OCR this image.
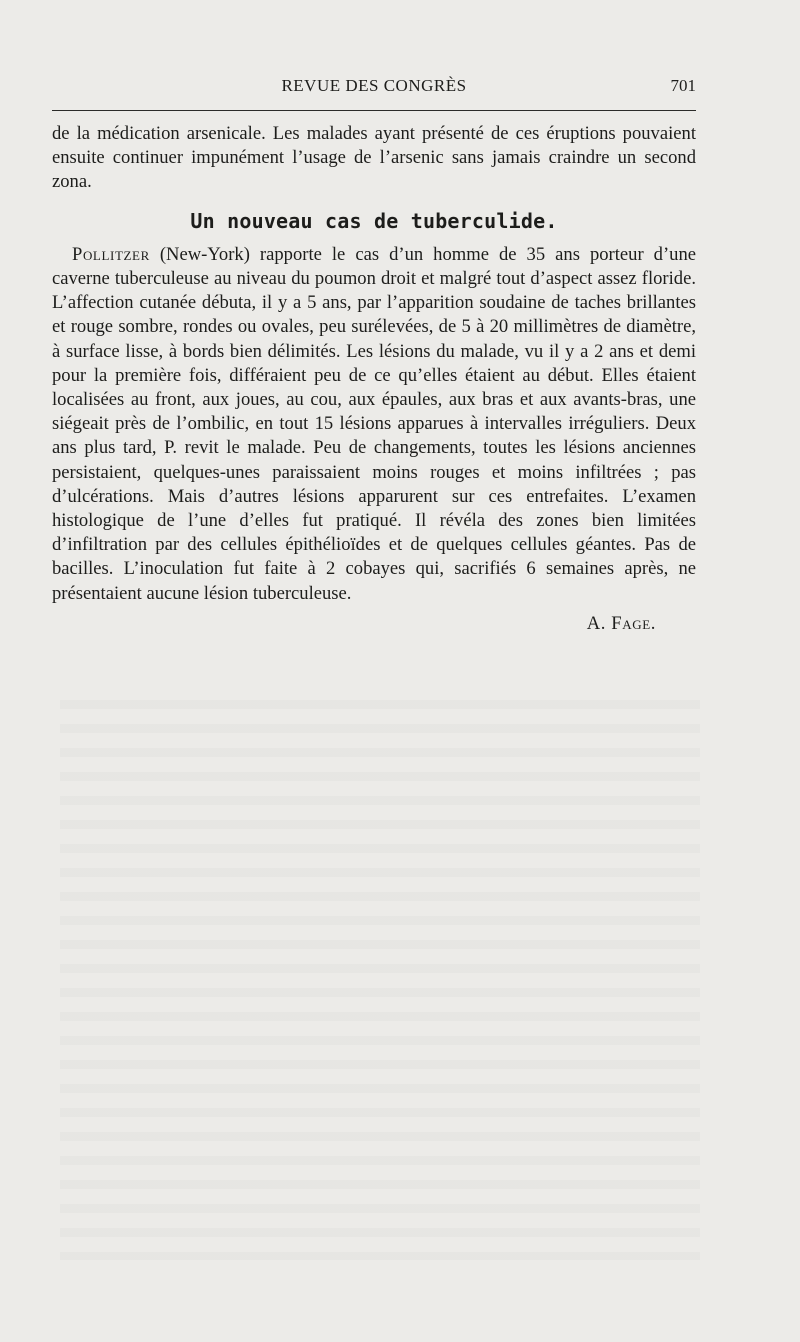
REVUE DES CONGRÈS	701

de la médication arsenicale. Les malades ayant présenté de ces éruptions pouvaient ensuite continuer impunément l’usage de l’arsenic sans jamais craindre un second zona.

Un nouveau cas de tuberculide.

Pollitzer (New-York) rapporte le cas d’un homme de 35 ans porteur d’une caverne tuberculeuse au niveau du poumon droit et malgré tout d’aspect assez floride. L’affection cutanée débuta, il y a 5 ans, par l’apparition soudaine de taches brillantes et rouge sombre, rondes ou ovales, peu surélevées, de 5 à 20 millimètres de diamètre, à surface lisse, à bords bien délimités. Les lésions du malade, vu il y a 2 ans et demi pour la première fois, différaient peu de ce qu’elles étaient au début. Elles étaient localisées au front, aux joues, au cou, aux épaules, aux bras et aux avants-bras, une siégeait près de l’ombilic, en tout 15 lésions apparues à intervalles irréguliers. Deux ans plus tard, P. revit le malade. Peu de changements, toutes les lésions anciennes persistaient, quelques-unes paraissaient moins rouges et moins infiltrées ; pas d’ulcérations. Mais d’autres lésions apparurent sur ces entrefaites. L’examen histologique de l’une d’elles fut pratiqué. Il révéla des zones bien limitées d’infiltration par des cellules épithélioïdes et de quelques cellules géantes. Pas de bacilles. L’inoculation fut faite à 2 cobayes qui, sacrifiés 6 semaines après, ne présentaient aucune lésion tuberculeuse.

A. Fage.
